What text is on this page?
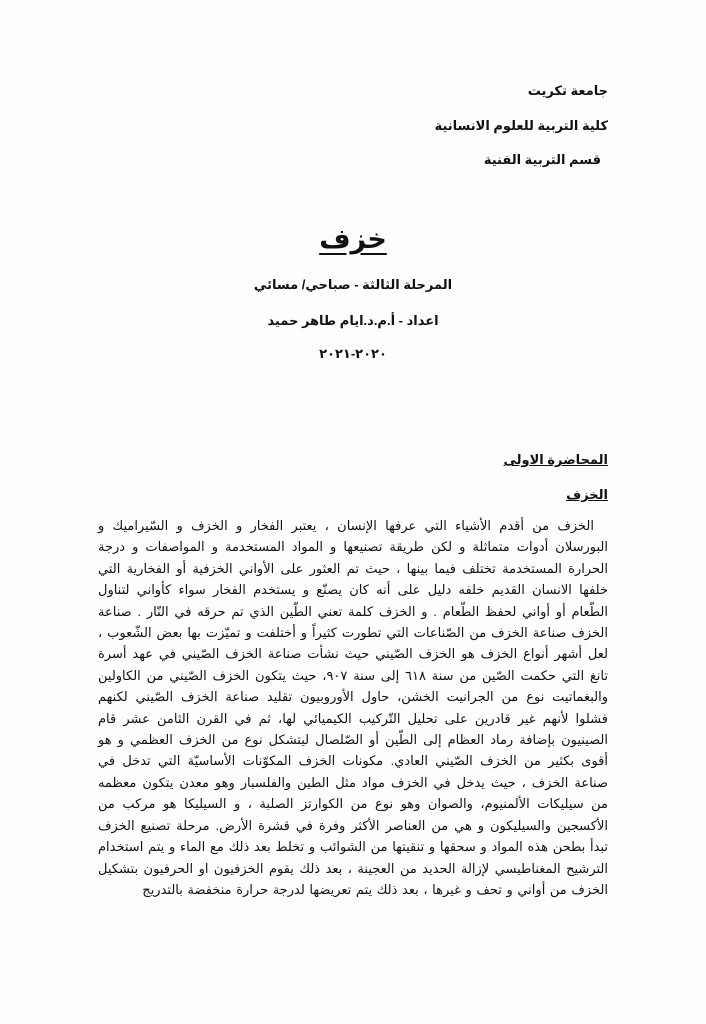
جامعة تكريت
كلية التربية للعلوم الانسانية
قسم التربية الفنية
خزف
المرحلة الثالثة - صباحي/ مسائي
اعداد - أ.م.د.ايام طاهر حميد
٢٠٢٠-٢٠٢١
المحاضرة الاولى
الخزف

الخزف من أقدم الأشياء التي عرفها الإنسان ، يعتبر الفخار و الخزف و السّيراميك و البورسلان أدوات متماثلة و لكن طريقة تصنيعها و المواد المستخدمة و المواصفات و درجة الحرارة المستخدمة تختلف فيما بينها ، حيث تم العثور على الأواني الخزفية أو الفخارية التي خلفها الانسان القديم خلفه دليل على أنه كان يصنّع و يستخدم الفخار سواء كأواني لتناول الطّعام أو أواني لحفظ الطّعام . و الخزف كلمة تعني الطّين الذي تم حرقه في النّار . صناعة الخزف صناعة الخزف من الصّناعات التي تطورت كثيراً و أختلفت و تميّزت بها بعض الشّعوب ، لعل أشهر أنواع الخزف هو الخزف الصّيني حيث نشأت صناعة الخزف الصّيني في عهد أسرة تانغ التي حكمت الصّين من سنة ٦١٨ إلى سنة ٩٠٧، حيث يتكون الخزف الصّيني من الكاولين والبغماتيت نوع من الجرانيت الخشن، حاول الأوروبيون تقليد صناعة الخزف الصّيني لكنهم فشلوا لأنهم غير قادرين على تحليل التّركيب الكيميائي لها، ثم في القرن الثامن عشر قام الصينيون بإضافة رماد العظام إلى الطّين أو الصّلصال ليتشكل نوع من الخزف العظمي و هو أقوى بكثير من الخزف الصّيني العادي. مكونات الخزف المكوّنات الأساسيّة التي تدخل في صناعة الخزف ، حيث يدخل في الخزف مواد مثل الطين والفلسبار وهو معدن يتكون معظمه من سيليكات الألمنيوم، والصوان وهو نوع من الكوارتز الصلبة ، و السيليكا هو مركب من الأكسجين والسيليكون و هي من العناصر الأكثر وفرة في قشرة الأرض. مرحلة تصنيع الخزف تبدأ بطحن هذه المواد و سحقها و تنقيتها من الشوائب و تخلط بعد ذلك مع الماء و يتم استخدام الترشيح المغناطيسي لإزالة الحديد من العجينة ، بعد ذلك يقوم الخزفيون او الحرفيون بتشكيل الخزف من أواني و تحف و غيرها ، بعد ذلك يتم تعريضها لدرجة حرارة منخفضة بالتدريج
